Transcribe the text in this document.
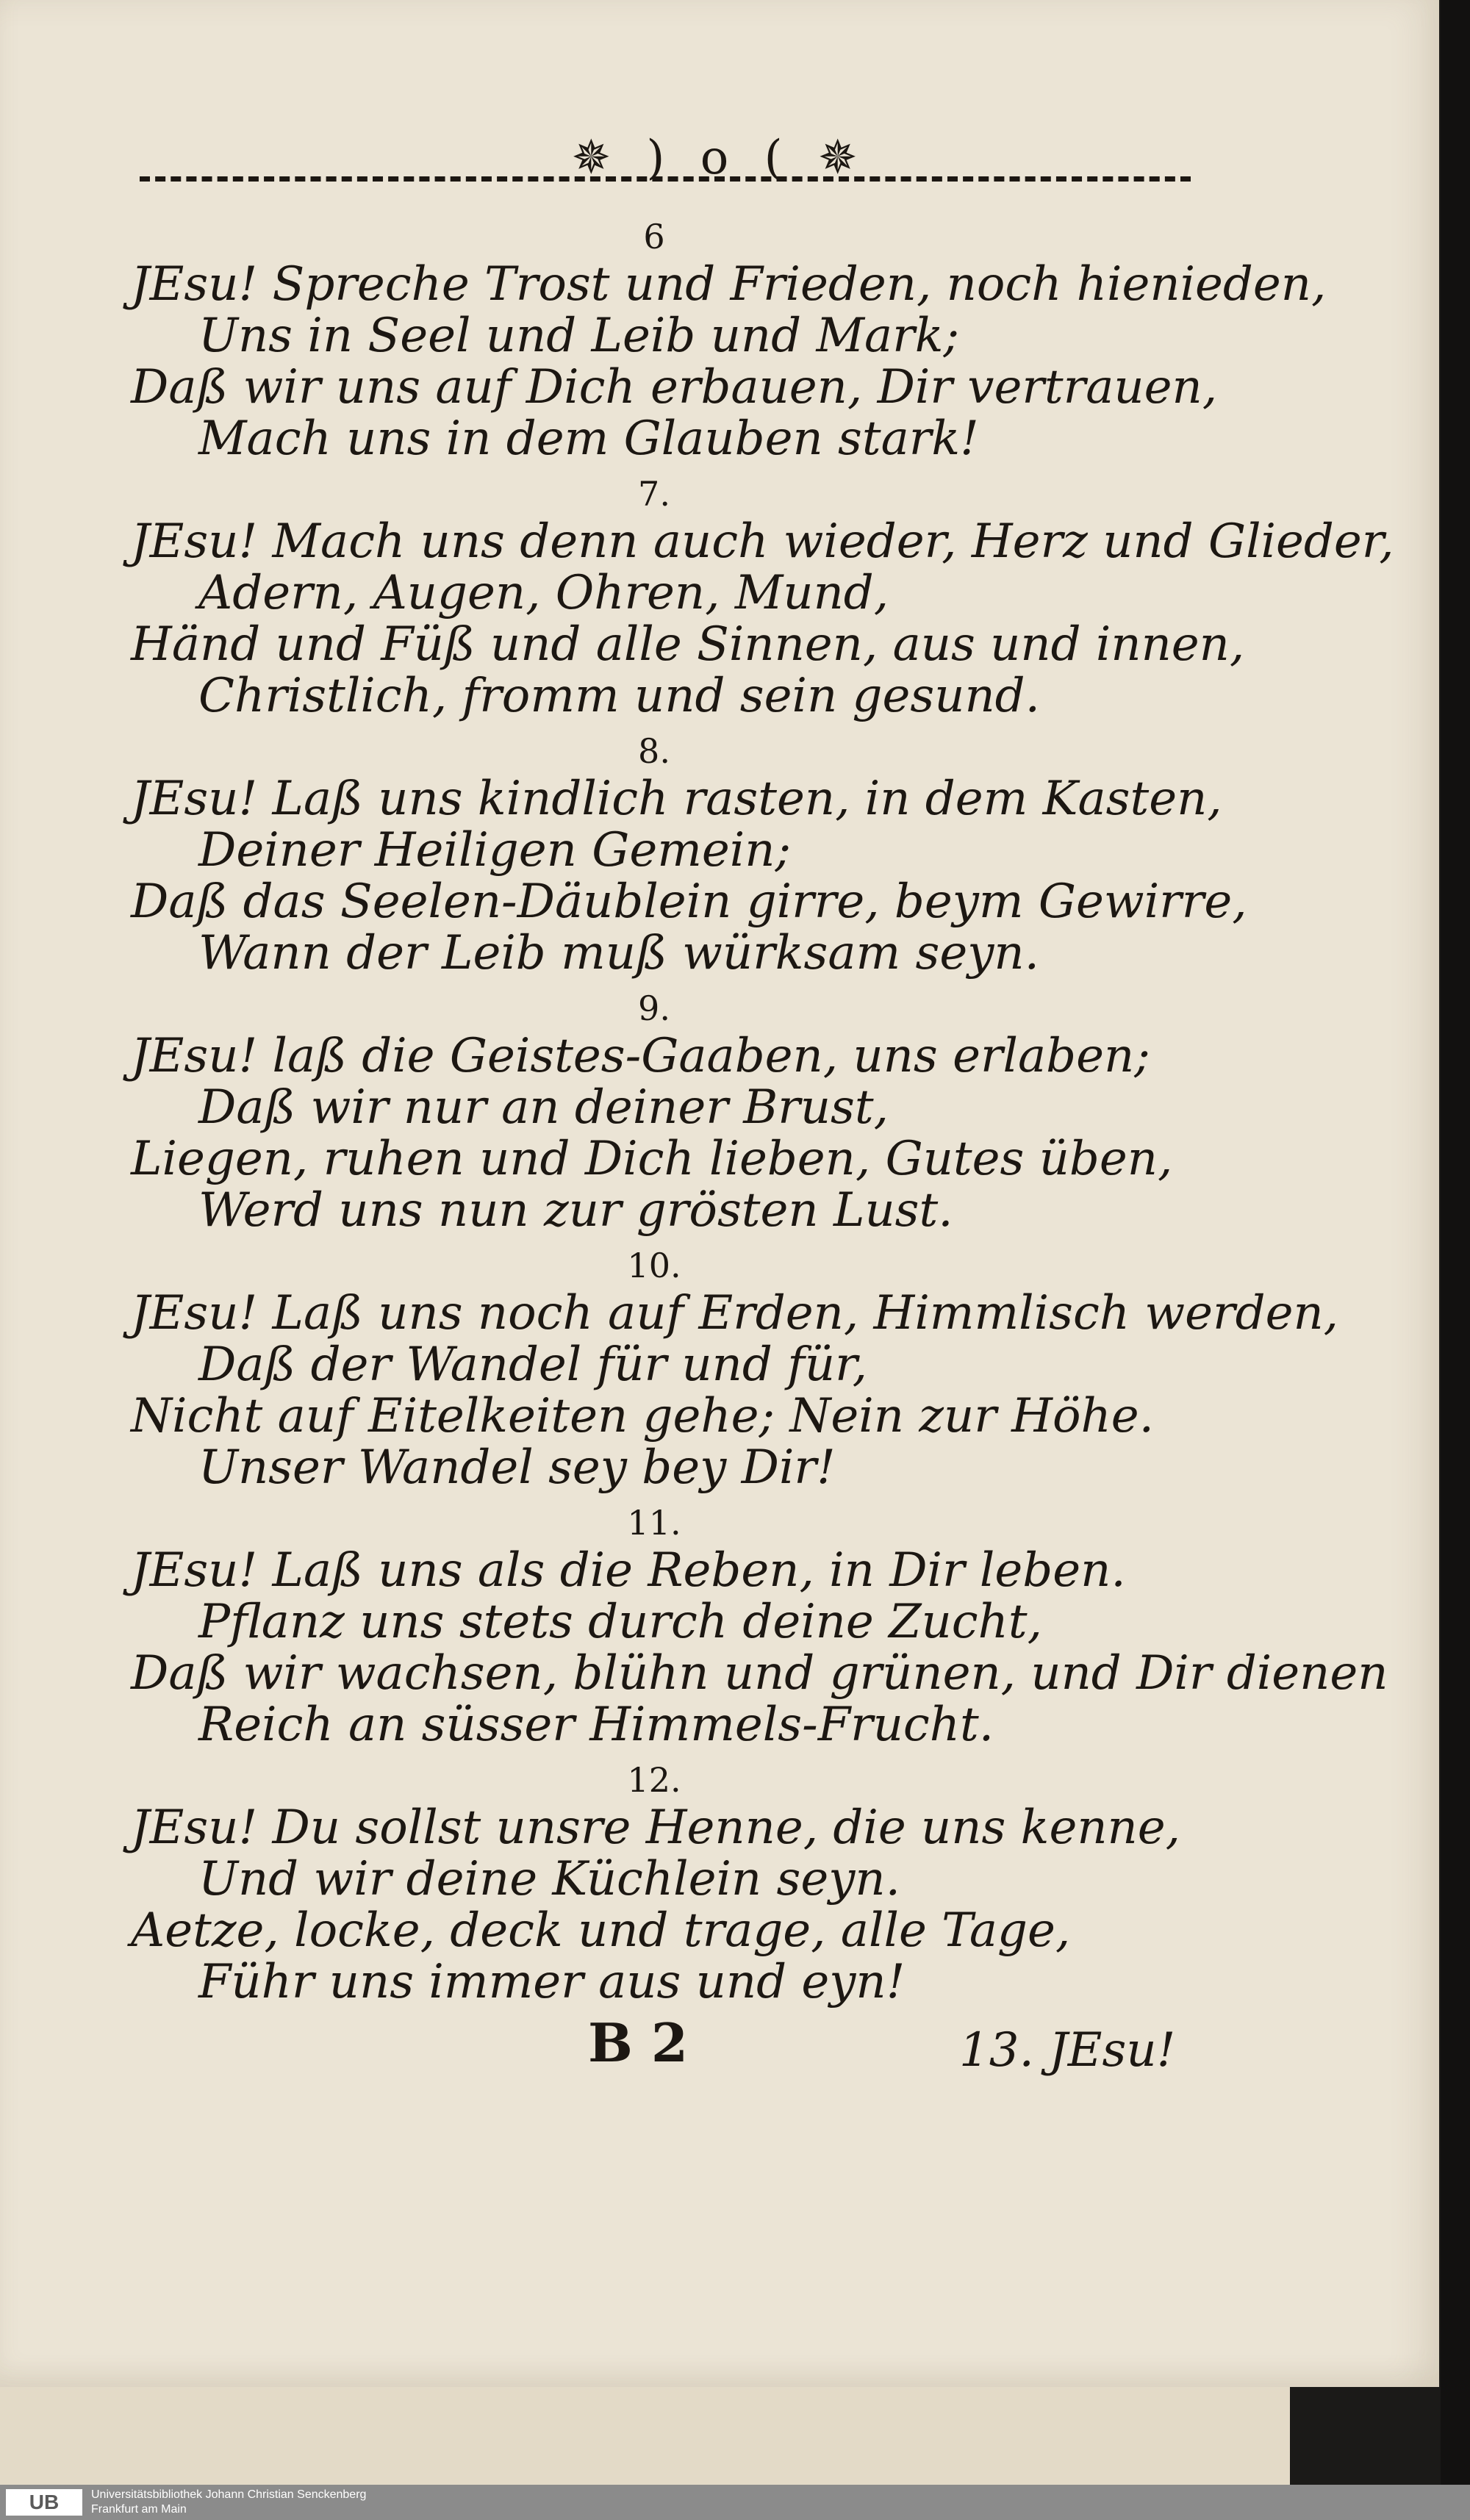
✵ ) o ( ✵
6
JEsu! Spreche Trost und Frieden, noch hienieden,
Uns in Seel und Leib und Mark;
Daß wir uns auf Dich erbauen, Dir vertrauen,
Mach uns in dem Glauben stark!
7.
JEsu! Mach uns denn auch wieder, Herz und Glieder,
Adern, Augen, Ohren, Mund,
Händ und Füß und alle Sinnen, aus und innen,
Christlich, fromm und sein gesund.
8.
JEsu! Laß uns kindlich rasten, in dem Kasten,
Deiner Heiligen Gemein;
Daß das Seelen-Däublein girre, beym Gewirre,
Wann der Leib muß würksam seyn.
9.
JEsu! laß die Geistes-Gaaben, uns erlaben;
Daß wir nur an deiner Brust,
Liegen, ruhen und Dich lieben, Gutes üben,
Werd uns nun zur grösten Lust.
10.
JEsu! Laß uns noch auf Erden, Himmlisch werden,
Daß der Wandel für und für,
Nicht auf Eitelkeiten gehe; Nein zur Höhe.
Unser Wandel sey bey Dir!
11.
JEsu! Laß uns als die Reben, in Dir leben.
Pflanz uns stets durch deine Zucht,
Daß wir wachsen, blühn und grünen, und Dir dienen
Reich an süsser Himmels-Frucht.
12.
JEsu! Du sollst unsre Henne, die uns kenne,
Und wir deine Küchlein seyn.
Aetze, locke, deck und trage, alle Tage,
Führ uns immer aus und eyn!
B 2	13. JEsu!
UB	Universitätsbibliothek Johann Christian Senckenberg
Frankfurt am Main
